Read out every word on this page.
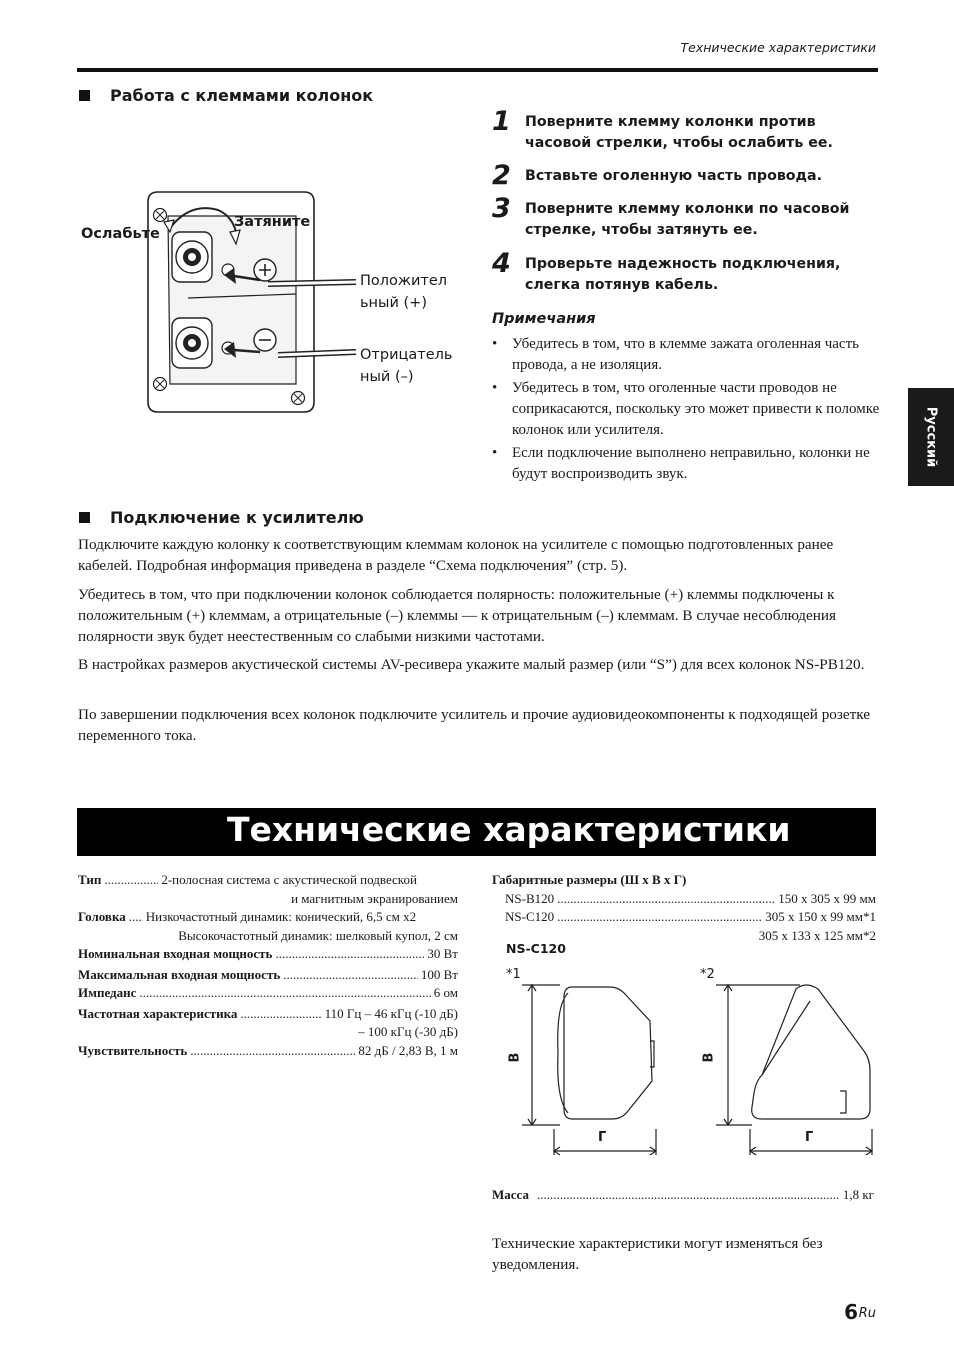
Технические характеристики
Работа с клеммами колонок
Ослабьте
Затяните
Положител
ьный (+)
Отрицатель
ный (–)
1 Поверните клемму колонки против часовой стрелки, чтобы ослабить ее.
2 Вставьте оголенную часть провода.
3 Поверните клемму колонки по часовой стрелке, чтобы затянуть ее.
4 Проверьте надежность подключения, слегка потянув кабель.
Примечания
• Убедитесь в том, что в клемме зажата оголенная часть провода, а не изоляция.
• Убедитесь в том, что оголенные части проводов не соприкасаются, поскольку это может привести к поломке колонок или усилителя.
• Если подключение выполнено неправильно, колонки не будут воспроизводить звук.
Русский
Подключение к усилителю

Подключите каждую колонку к соответствующим клеммам колонок на усилителе с помощью подготовленных ранее кабелей. Подробная информация приведена в разделе “Схема подключения” (стр. 5).

Убедитесь в том, что при подключении колонок соблюдается полярность: положительные (+) клеммы подключены к положительным (+) клеммам, а отрицательные (–) клеммы — к отрицательным (–) клеммам. В случае несоблюдения полярности звук будет неестественным со слабыми низкими частотами.

В настройках размеров акустической системы AV-ресивера укажите малый размер (или “S”) для всех колонок NS-PB120.

По завершении подключения всех колонок подключите усилитель и прочие аудиовидеокомпоненты к подходящей розетке переменного тока.

Технические характеристики
Тип .....	2-полосная система с акустической подвеской
и магнитным экранированием
Головка ..... Низкочастотный динамик: конический, 6,5 см x2
Высокочастотный динамик: шелковый купол, 2 см
Номинальная входная мощность .....	30 Вт
Максимальная входная мощность .....	100 Вт
Импеданс .....	6 ом
Частотная характеристика .....	110 Гц – 46 кГц (-10 дБ)
– 100 кГц (-30 дБ)
Чувствительность .....	82 дБ / 2,83 В, 1 м
Габаритные размеры (Ш x В x Г)
NS-B120 .....	150 x 305 x 99 мм
NS-C120 .....	305 x 150 x 99 мм*1
305 x 133 x 125 мм*2
NS-C120
*1	*2
В
Г
В
Г
Масса .....	1,8 кг

Технические характеристики могут изменяться без уведомления.

6 Ru
